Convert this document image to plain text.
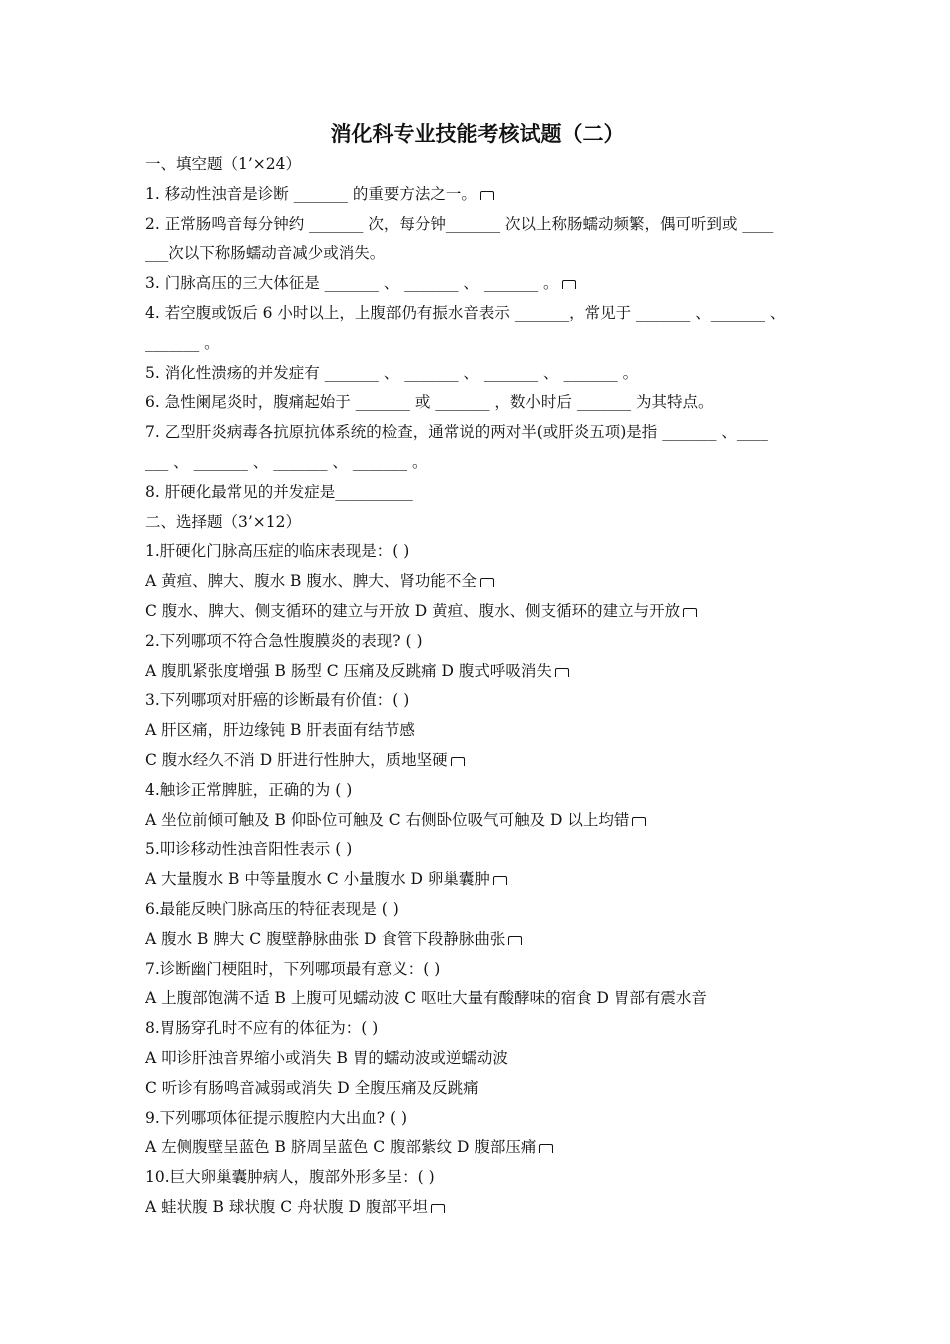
消化科专业技能考核试题（二）
一、填空题（1’×24）
1. 移动性浊音是诊断 _______ 的重要方法之一。
2. 正常肠鸣音每分钟约 _______ 次，每分钟_______ 次以上称肠蠕动频繁，偶可听到或 ____
___次以下称肠蠕动音减少或消失。
3. 门脉高压的三大体征是 _______ 、 _______ 、 _______ 。
4. 若空腹或饭后 6 小时以上，上腹部仍有振水音表示 _______，常见于 _______ 、_______ 、
_______ 。
5. 消化性溃疡的并发症有 _______ 、 _______ 、 _______ 、 _______ 。
6. 急性阑尾炎时，腹痛起始于 _______ 或 _______ ，数小时后 _______ 为其特点。
7. 乙型肝炎病毒各抗原抗体系统的检查，通常说的两对半(或肝炎五项)是指 _______ 、____
___ 、 _______ 、 _______ 、 _______ 。
8. 肝硬化最常见的并发症是__________
二、选择题（3’×12）
1.肝硬化门脉高压症的临床表现是：( )
A 黄疸、脾大、腹水 B 腹水、脾大、肾功能不全
C 腹水、脾大、侧支循环的建立与开放 D 黄疸、腹水、侧支循环的建立与开放
2.下列哪项不符合急性腹膜炎的表现? ( )
A 腹肌紧张度增强 B 肠型 C 压痛及反跳痛 D 腹式呼吸消失
3.下列哪项对肝癌的诊断最有价值：( )
A 肝区痛，肝边缘钝 B 肝表面有结节感
C 腹水经久不消 D 肝进行性肿大，质地坚硬
4.触诊正常脾脏，正确的为 ( )
A 坐位前倾可触及 B 仰卧位可触及 C 右侧卧位吸气可触及 D 以上均错
5.叩诊移动性浊音阳性表示 ( )
A 大量腹水 B 中等量腹水 C 小量腹水 D 卵巢囊肿
6.最能反映门脉高压的特征表现是 ( )
A 腹水 B 脾大 C 腹壁静脉曲张 D 食管下段静脉曲张
7.诊断幽门梗阻时，下列哪项最有意义：( )
A 上腹部饱满不适 B 上腹可见蠕动波 C 呕吐大量有酸酵味的宿食 D 胃部有震水音
8.胃肠穿孔时不应有的体征为：( )
A 叩诊肝浊音界缩小或消失 B 胃的蠕动波或逆蠕动波
C 听诊有肠鸣音减弱或消失 D 全腹压痛及反跳痛
9.下列哪项体征提示腹腔内大出血? ( )
A 左侧腹壁呈蓝色 B 脐周呈蓝色 C 腹部紫纹 D 腹部压痛
10.巨大卵巢囊肿病人，腹部外形多呈：( )
A 蛙状腹 B 球状腹 C 舟状腹 D 腹部平坦
